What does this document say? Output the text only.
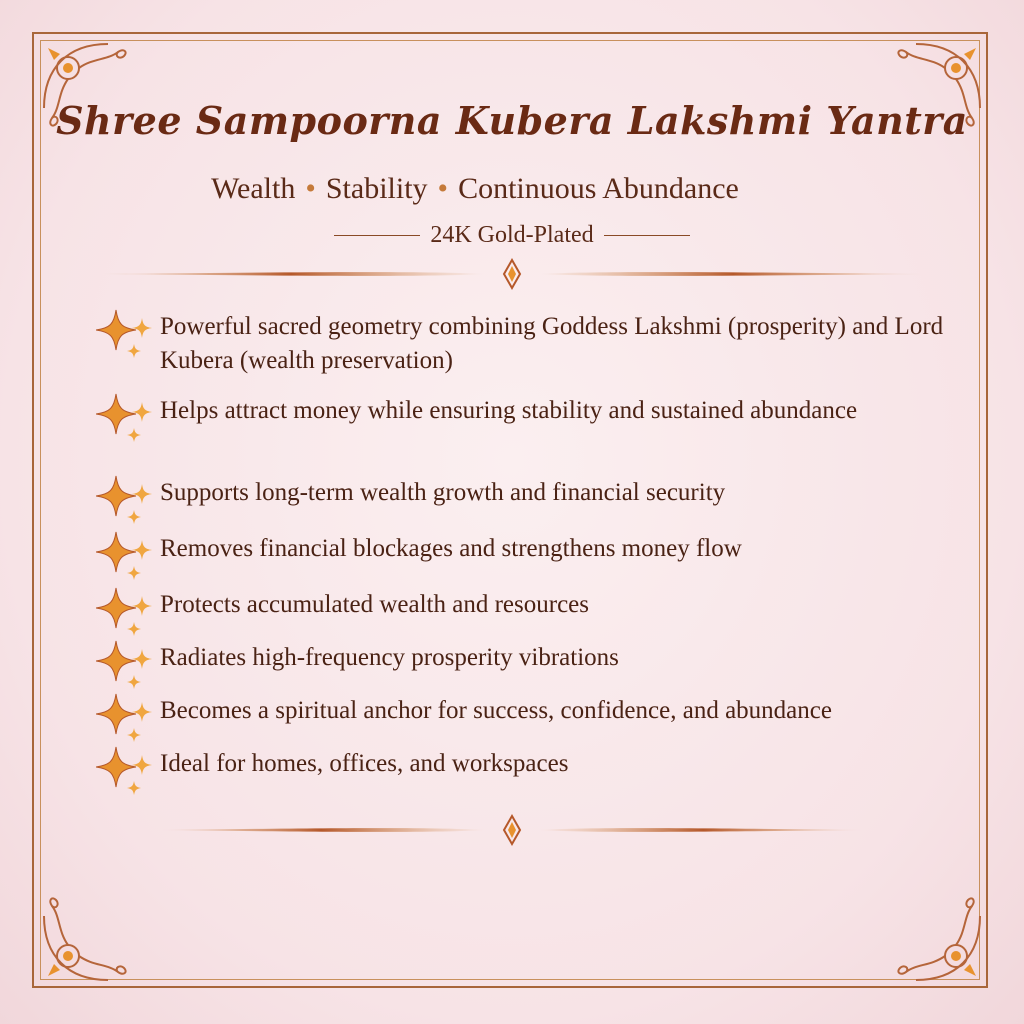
Shree Sampoorna Kubera Lakshmi Yantra
Wealth • Stability • Continuous Abundance
24K Gold-Plated
Powerful sacred geometry combining Goddess Lakshmi (prosperity) and Lord Kubera (wealth preservation)
Helps attract money while ensuring stability and sustained abundance
Supports long-term wealth growth and financial security
Removes financial blockages and strengthens money flow
Protects accumulated wealth and resources
Radiates high-frequency prosperity vibrations
Becomes a spiritual anchor for success, confidence, and abundance
Ideal for homes, offices, and workspaces
